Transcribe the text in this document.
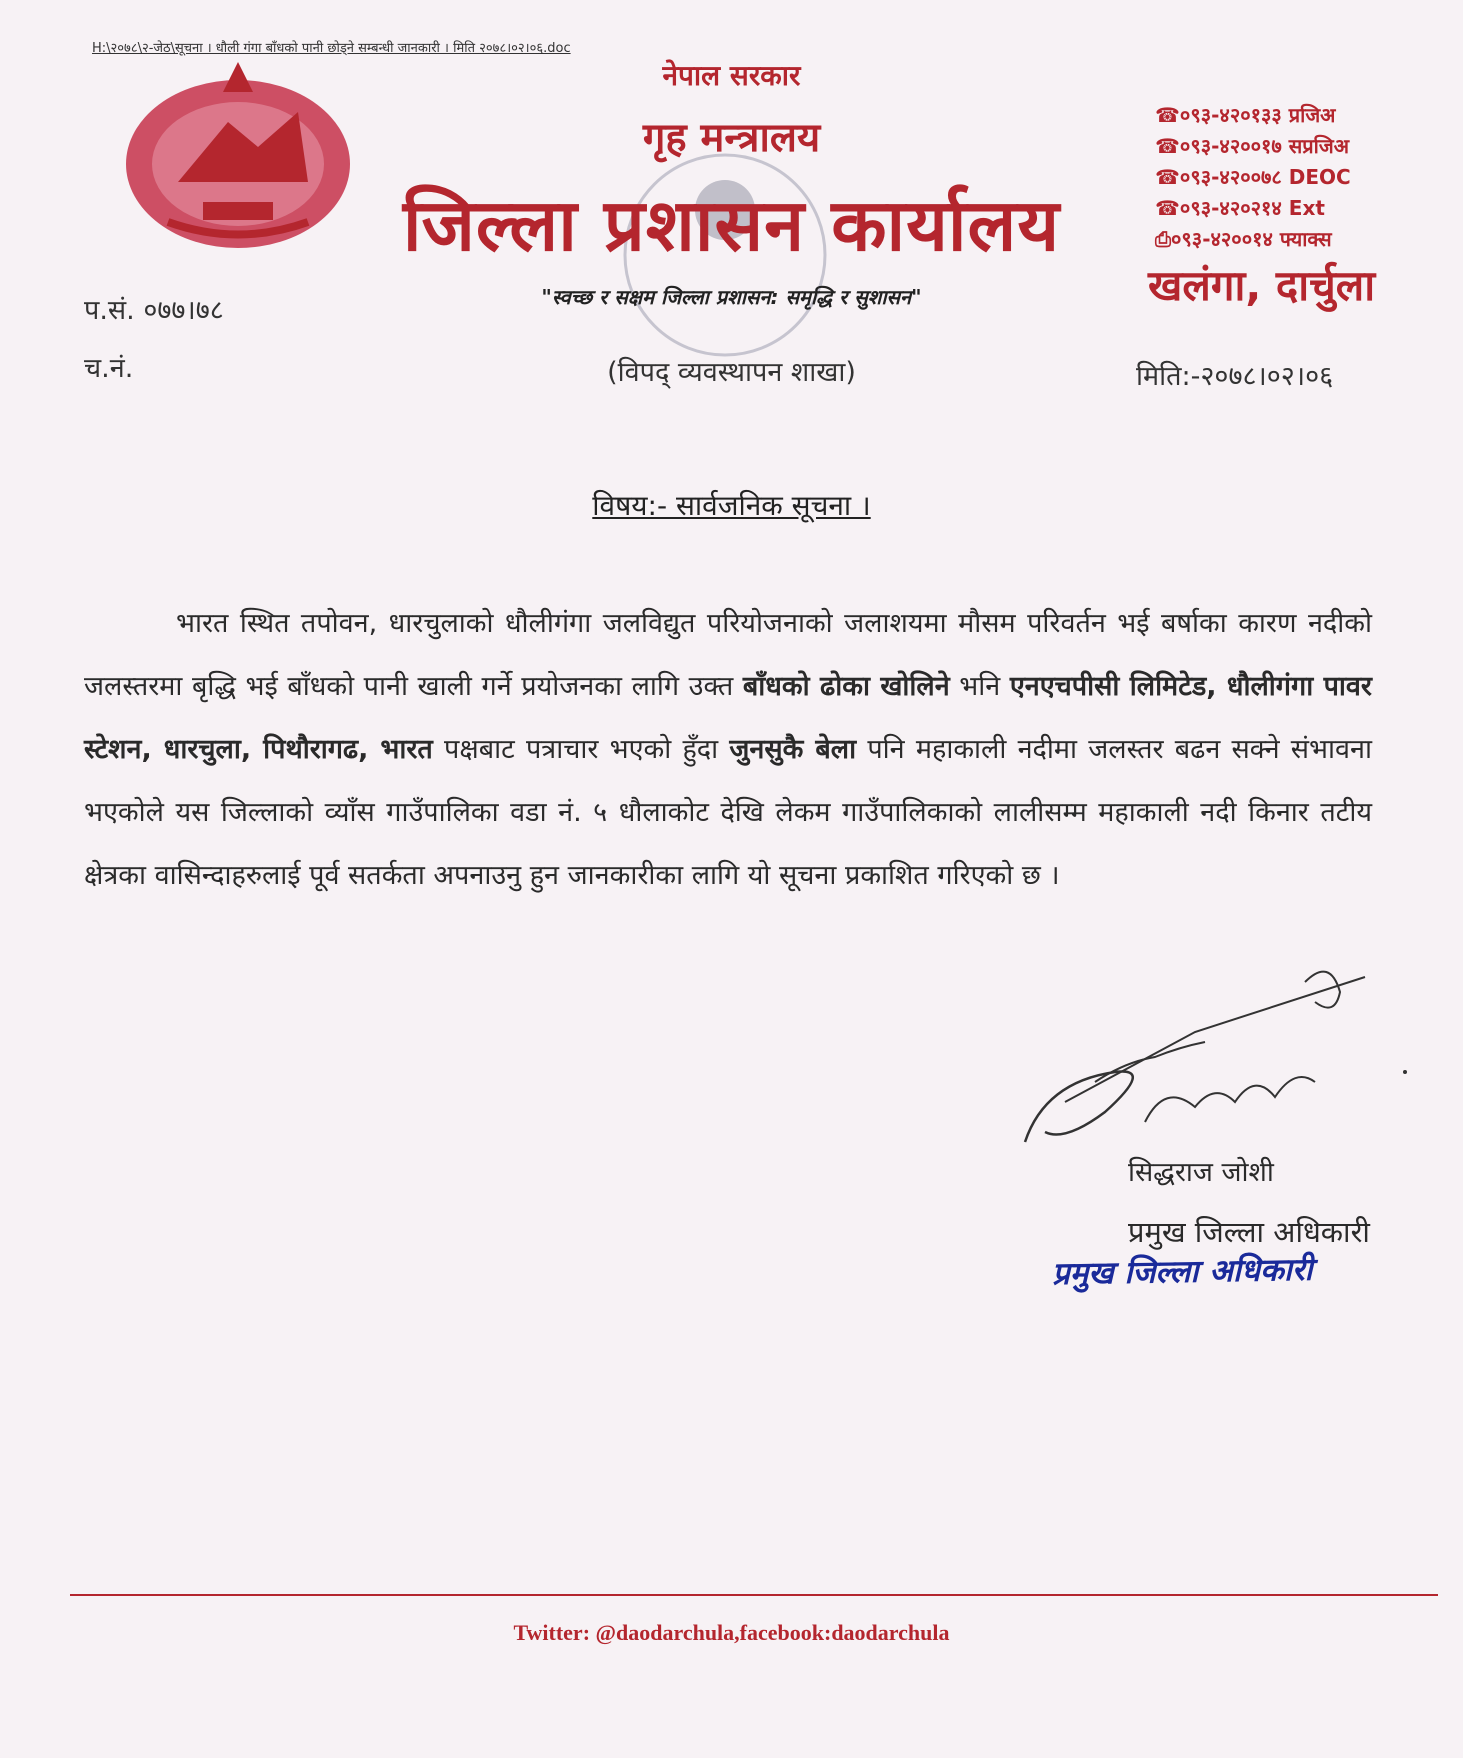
H:\२०७८\२-जेठ\सूचना । धौली गंगा बाँधको पानी छोड्ने सम्बन्धी जानकारी । मिति २०७८।०२।०६.doc
नेपाल सरकार
गृह मन्त्रालय
जिल्ला प्रशासन कार्यालय
"स्वच्छ र सक्षम जिल्ला प्रशासन: समृद्धि र सुशासन"
(विपद् व्यवस्थापन शाखा)
☎०९३-४२०१३३ प्रजिअ
☎०९३-४२००१७ सप्रजिअ
☎०९३-४२००७८ DEOC
☎०९३-४२०२१४ Ext
⎙०९३-४२००१४ फ्याक्स
खलंगा, दार्चुला
प.सं. ०७७।७८
च.नं.	मिति:-२०७८।०२।०६
विषय:- सार्वजनिक सूचना ।
भारत स्थित तपोवन, धारचुलाको धौलीगंगा जलविद्युत परियोजनाको जलाशयमा मौसम परिवर्तन भई बर्षाका कारण नदीको जलस्तरमा बृद्धि भई बाँधको पानी खाली गर्ने प्रयोजनका लागि उक्त बाँधको ढोका खोलिने भनि एनएचपीसी लिमिटेड, धौलीगंगा पावर स्टेशन, धारचुला, पिथौरागढ, भारत पक्षबाट पत्राचार भएको हुँदा जुनसुकै बेला पनि महाकाली नदीमा जलस्तर बढन सक्ने संभावना भएकोले यस जिल्लाको व्याँस गाउँपालिका वडा नं. ५ धौलाकोट देखि लेकम गाउँपालिकाको लालीसम्म महाकाली नदी किनार तटीय क्षेत्रका वासिन्दाहरुलाई पूर्व सतर्कता अपनाउनु हुन जानकारीका लागि यो सूचना प्रकाशित गरिएको छ ।
सिद्धराज जोशी
प्रमुख जिल्ला अधिकारी
प्रमुख जिल्ला अधिकारी
Twitter: @daodarchula,facebook:daodarchula
